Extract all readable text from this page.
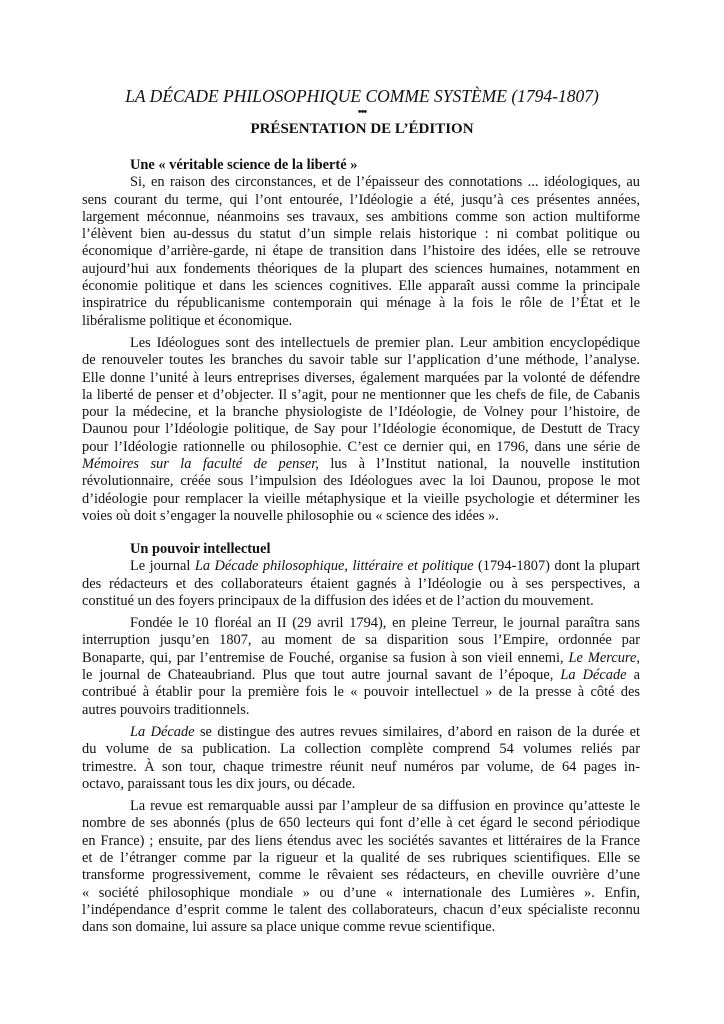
LA DÉCADE PHILOSOPHIQUE COMME SYSTÈME (1794-1807)
•••
PRÉSENTATION DE L’ÉDITION
Une « véritable science de la liberté »
Si, en raison des circonstances, et de l’épaisseur des connotations ... idéologiques, au
sens courant du terme, qui l’ont entourée, l’Idéologie a été, jusqu’à ces présentes années,
largement méconnue, néanmoins ses travaux, ses ambitions comme son action multiforme
l’élèvent bien au-dessus du statut d’un simple relais historique : ni combat politique ou
économique d’arrière-garde, ni étape de transition dans l’histoire des idées, elle se retrouve
aujourd’hui aux fondements théoriques de la plupart des sciences humaines, notamment en
économie politique et dans les sciences cognitives. Elle apparaît aussi comme la principale
inspiratrice du républicanisme contemporain qui ménage à la fois le rôle de l’État et le
libéralisme politique et économique.
Les Idéologues sont des intellectuels de premier plan. Leur ambition encyclopédique
de renouveler toutes les branches du savoir table sur l’application d’une méthode, l’analyse.
Elle donne l’unité à leurs entreprises diverses, également marquées par la volonté de défendre
la liberté de penser et d’objecter. Il s’agit, pour ne mentionner que les chefs de file, de Cabanis
pour la médecine, et la branche physiologiste de l’Idéologie, de Volney pour l’histoire, de
Daunou pour l’Idéologie politique, de Say pour l’Idéologie économique, de Destutt de Tracy
pour l’Idéologie rationnelle ou philosophie. C’est ce dernier qui, en 1796, dans une série de
Mémoires sur la faculté de penser, lus à l’Institut national, la nouvelle institution
révolutionnaire, créée sous l’impulsion des Idéologues avec la loi Daunou, propose le mot
d’idéologie pour remplacer la vieille métaphysique et la vieille psychologie et déterminer les
voies où doit s’engager la nouvelle philosophie ou « science des idées ».
Un pouvoir intellectuel
Le journal La Décade philosophique, littéraire et politique (1794-1807) dont la plupart
des rédacteurs et des collaborateurs étaient gagnés à l’Idéologie ou à ses perspectives, a
constitué un des foyers principaux de la diffusion des idées et de l’action du mouvement.
Fondée le 10 floréal an II (29 avril 1794), en pleine Terreur, le journal paraîtra sans
interruption jusqu’en 1807, au moment de sa disparition sous l’Empire, ordonnée par
Bonaparte, qui, par l’entremise de Fouché, organise sa fusion à son vieil ennemi, Le Mercure,
le journal de Chateaubriand. Plus que tout autre journal savant de l’époque, La Décade a
contribué à établir pour la première fois le « pouvoir intellectuel » de la presse à côté des
autres pouvoirs traditionnels.
La Décade se distingue des autres revues similaires, d’abord en raison de la durée et
du volume de sa publication. La collection complète comprend 54 volumes reliés par
trimestre. À son tour, chaque trimestre réunit neuf numéros par volume, de 64 pages in-
octavo, paraissant tous les dix jours, ou décade.
La revue est remarquable aussi par l’ampleur de sa diffusion en province qu’atteste le
nombre de ses abonnés (plus de 650 lecteurs qui font d’elle à cet égard le second périodique
en France) ; ensuite, par des liens étendus avec les sociétés savantes et littéraires de la France
et de l’étranger comme par la rigueur et la qualité de ses rubriques scientifiques. Elle se
transforme progressivement, comme le rêvaient ses rédacteurs, en cheville ouvrière d’une
« société philosophique mondiale » ou d’une « internationale des Lumières ». Enfin,
l’indépendance d’esprit comme le talent des collaborateurs, chacun d’eux spécialiste reconnu
dans son domaine, lui assure sa place unique comme revue scientifique.
